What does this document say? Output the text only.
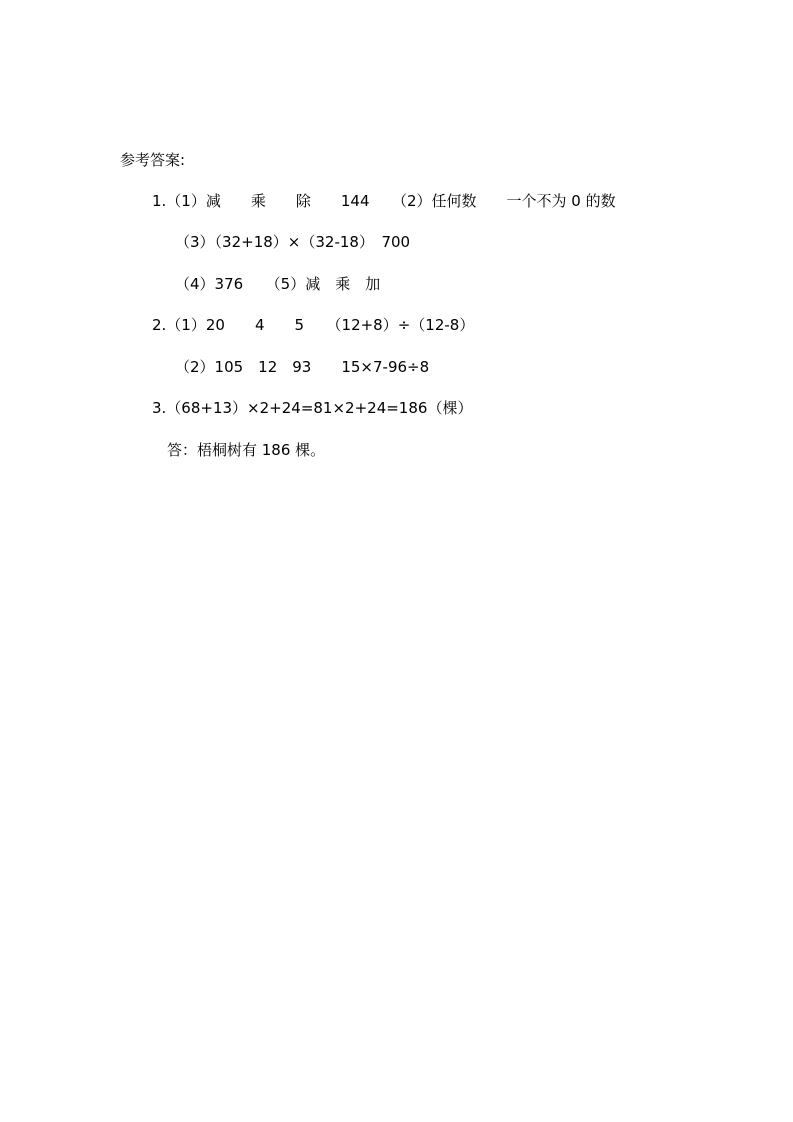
参考答案:
1.（1）减　　乘　　除　　144　　（2）任何数　　一个不为 0 的数
（3）（32+18）×（32-18）　700
（4）376　　（5）减　乘　加
2.（1）20　　4　　5　　（12+8）÷（12-8）
（2）105　12　93　　15×7-96÷8
3.（68+13）×2+24=81×2+24=186（棵）
答：梧桐树有 186 棵。
